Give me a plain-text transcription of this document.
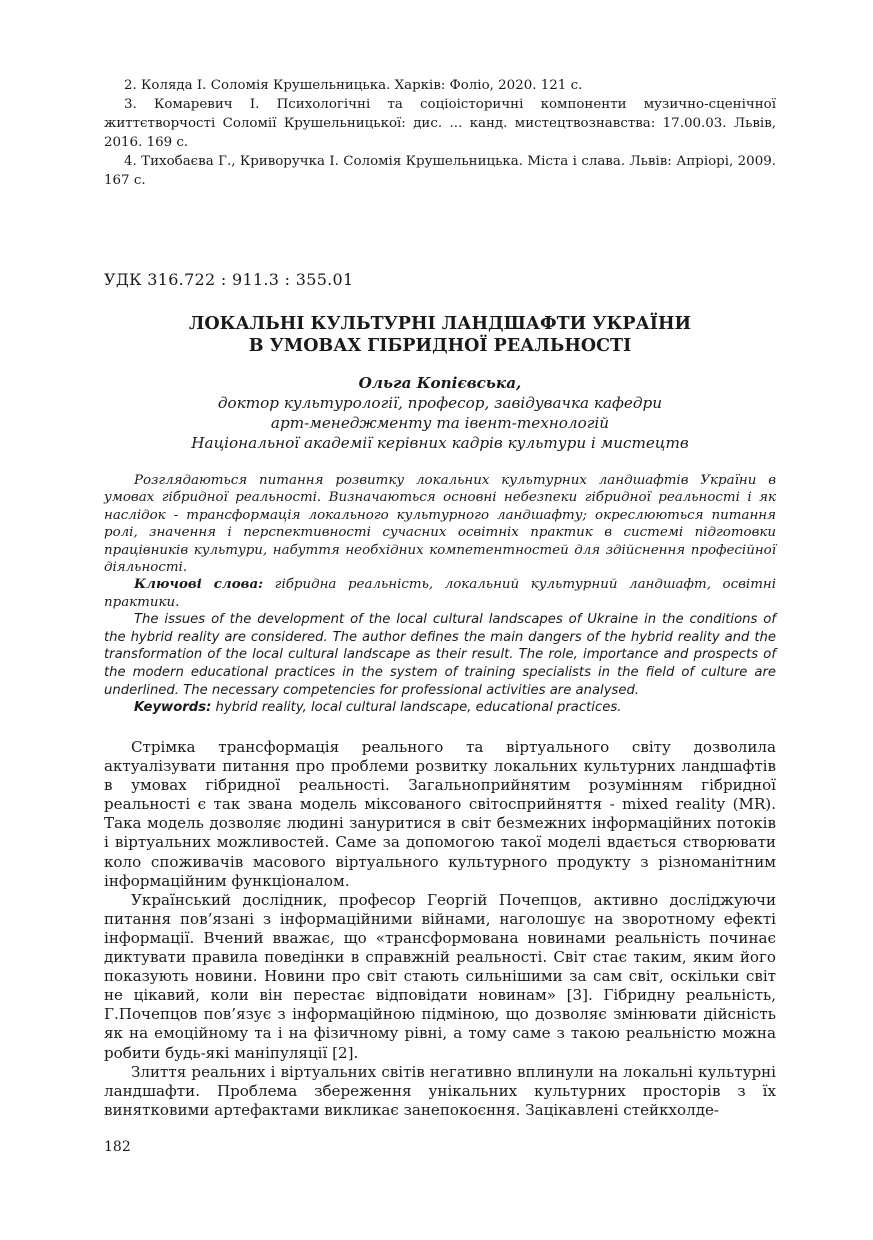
2. Коляда І. Соломія Крушельницька. Харків: Фоліо, 2020. 121 с.

3. Комаревич І. Психологічні та соціоісторичні компоненти музично-сценічної життєтворчості Соломії Крушельницької: дис. ... канд. мистецтвознавства: 17.00.03. Львів, 2016. 169 с.

4. Тихобаєва Г., Криворучка І. Соломія Крушельницька. Міста і слава. Львів: Апріорі, 2009. 167 с.

УДК 316.722 : 911.3 : 355.01
ЛОКАЛЬНІ КУЛЬТУРНІ ЛАНДШАФТИ УКРАЇНИ
В УМОВАХ ГІБРИДНОЇ РЕАЛЬНОСТІ
Ольга Копієвська,
доктор культурології, професор, завідувачка кафедри
арт-менеджменту та івент-технологій
Національної академії керівних кадрів культури і мистецтв

Розглядаються питання розвитку локальних культурних ландшафтів України в умовах гібридної реальності. Визначаються основні небезпеки гібридної реальності і як наслідок - трансформація локального культурного ландшафту; окреслюються питання ролі, значення і перспективності сучасних освітніх практик в системі підготовки працівників культури, набуття необхідних компетентностей для здійснення професійної діяльності.

Ключові слова: гібридна реальність, локальний культурний ландшафт, освітні практики.

The issues of the development of the local cultural landscapes of Ukraine in the conditions of the hybrid reality are considered. The author defines the main dangers of the hybrid reality and the transformation of the local cultural landscape as their result. The role, importance and prospects of the modern educational practices in the system of training specialists in the field of culture are underlined. The necessary competencies for professional activities are analysed.

Keywords: hybrid reality, local cultural landscape, educational practices.

Стрімка трансформація реального та віртуального світу дозволила актуалізувати питання про проблеми розвитку локальних культурних ландшафтів в умовах гібридної реальності. Загальноприйнятим розумінням гібридної реальності є так звана модель міксованого світосприйняття - mixed reality (MR). Така модель дозволяє людині зануритися в світ безмежних інформаційних потоків і віртуальних можливостей. Саме за допомогою такої моделі вдається створювати коло споживачів масового віртуального культурного продукту з різноманітним інформаційним функціоналом.

Український дослідник, професор Георгій Почепцов, активно досліджуючи питання пов’язані з інформаційними війнами, наголошує на зворотному ефекті інформації. Вчений вважає, що «трансформована новинами реальність починає диктувати правила поведінки в справжній реальності. Світ стає таким, яким його показують новини. Новини про світ стають сильнішими за сам світ, оскільки світ не цікавий, коли він перестає відповідати новинам» [3]. Гібридну реальність, Г.Почепцов пов’язує з інформаційною підміною, що дозволяє змінювати дійсність як на емоційному та і на фізичному рівні, а тому саме з такою реальністю можна робити будь-які маніпуляції [2].

Злиття реальних і віртуальних світів негативно вплинули на локальні культурні ландшафти. Проблема збереження унікальних культурних просторів з їх винятковими артефактами викликає занепокоєння. Зацікавлені стейкхолде-

182
